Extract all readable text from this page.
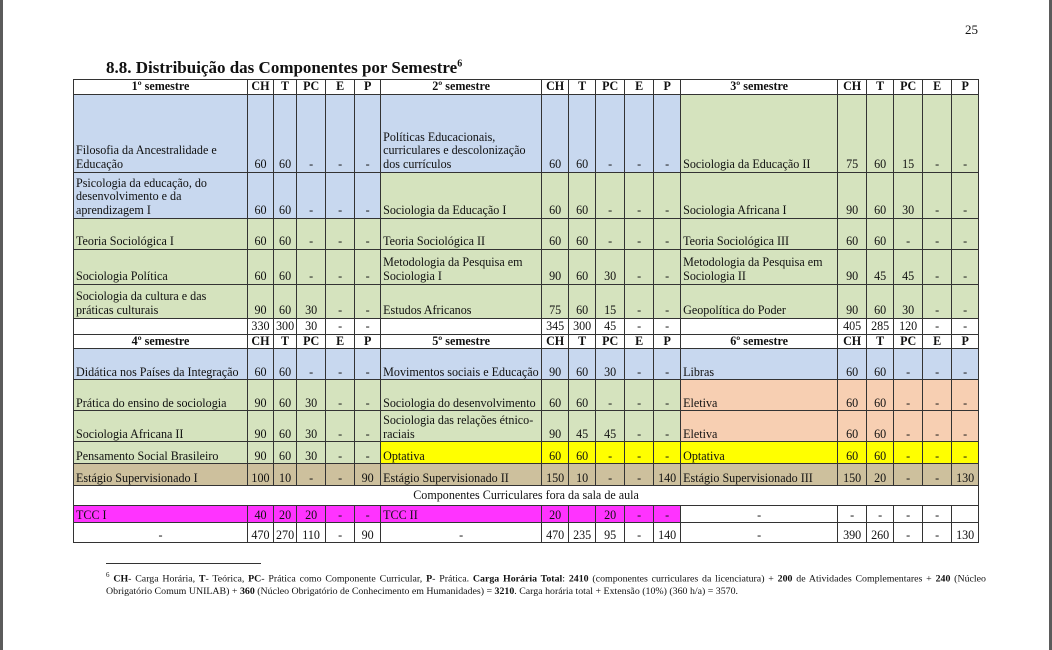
25
8.8. Distribuição das Componentes por Semestre$^6$
1º semestre	CH	T	PC	E	P	2º semestre	CH	T	PC	E	P	3º semestre	CH	T	PC	E	P
Filosofia da Ancestralidade e Educação	60	60	-	-	-	Políticas Educacionais, curriculares e descolonização dos currículos	60	60	-	-	-	Sociologia da Educação II	75	60	15	-	-
Psicologia da educação, do desenvolvimento e da aprendizagem I	60	60	-	-	-	Sociologia da Educação I	60	60	-	-	-	Sociologia Africana I	90	60	30	-	-
Teoria Sociológica I	60	60	-	-	-	Teoria Sociológica II	60	60	-	-	-	Teoria Sociológica III	60	60	-	-	-
Sociologia Política	60	60	-	-	-	Metodologia da Pesquisa em Sociologia I	90	60	30	-	-	Metodologia da Pesquisa em Sociologia II	90	45	45	-	-
Sociologia da cultura e das práticas culturais	90	60	30	-	-	Estudos Africanos	75	60	15	-	-	Geopolítica do Poder	90	60	30	-	-
	330	300	30	-	-		345	300	45	-	-		405	285	120	-	-
4º semestre	CH	T	PC	E	P	5º semestre	CH	T	PC	E	P	6º semestre	CH	T	PC	E	P
Didática nos Países da Integração	60	60	-	-	-	Movimentos sociais e Educação	90	60	30	-	-	Libras	60	60	-	-	-
Prática do ensino de sociologia	90	60	30	-	-	Sociologia do desenvolvimento	60	60	-	-	-	Eletiva	60	60	-	-	-
Sociologia Africana II	90	60	30	-	-	Sociologia das relações étnico-raciais	90	45	45	-	-	Eletiva	60	60	-	-	-
Pensamento Social Brasileiro	90	60	30	-	-	Optativa	60	60	-	-	-	Optativa	60	60	-	-	-
Estágio Supervisionado I	100	10	-	-	90	Estágio Supervisionado II	150	10	-	-	140	Estágio Supervisionado III	150	20	-	-	130
Componentes Curriculares fora da sala de aula																	
TCC I	40	20	20	-	-	TCC II	20		20	-	-	-	-	-	-	-	
-	470	270	110	-	90	-	470	235	95	-	140	-	390	260	-	-	130
$^6$ CH- Carga Horária, T- Teórica, PC- Prática como Componente Curricular, P- Prática. Carga Horária Total: 2410 (componentes curriculares da licenciatura) + 200 de Atividades Complementares + 240 (Núcleo Obrigatório Comum UNILAB) + 360 (Núcleo Obrigatório de Conhecimento em Humanidades) = 3210. Carga horária total + Extensão (10%) (360 h/a) = 3570.
